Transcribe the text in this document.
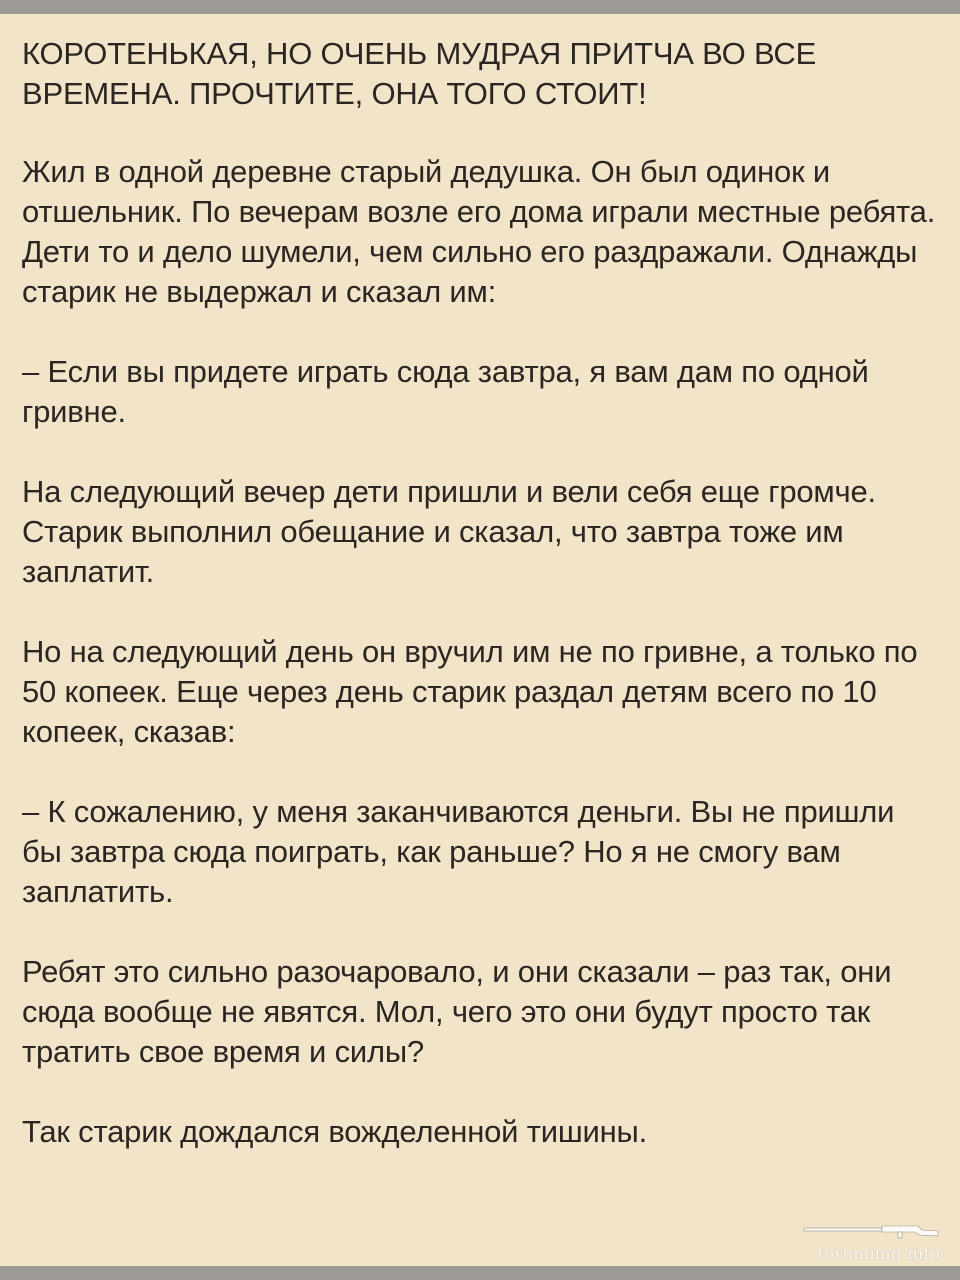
КОРОТЕНЬКАЯ, НО ОЧЕНЬ МУДРАЯ ПРИТЧА ВО ВСЕ ВРЕМЕНА. ПРОЧТИТЕ, ОНА ТОГО СТОИТ!

Жил в одной деревне старый дедушка. Он был одинок и отшельник. По вечерам возле его дома играли местные ребята. Дети то и дело шумели, чем сильно его раздражали. Однажды старик не выдержал и сказал им:

– Если вы придете играть сюда завтра, я вам дам по одной гривне.

На следующий вечер дети пришли и вели себя еще громче. Старик выполнил обещание и сказал, что завтра тоже им заплатит.

Но на следующий день он вручил им не по гривне, а только по 50 копеек. Еще через день старик раздал детям всего по 10 копеек, сказав:

– К сожалению, у меня заканчиваются деньги. Вы не пришли бы завтра сюда поиграть, как раньше? Но я не смогу вам заплатить.

Ребят это сильно разочаровало, и они сказали – раз так, они сюда вообще не явятся. Мол, чего это они будут просто так тратить свое время и силы?

Так старик дождался вожделенной тишины.

forumimg.info
